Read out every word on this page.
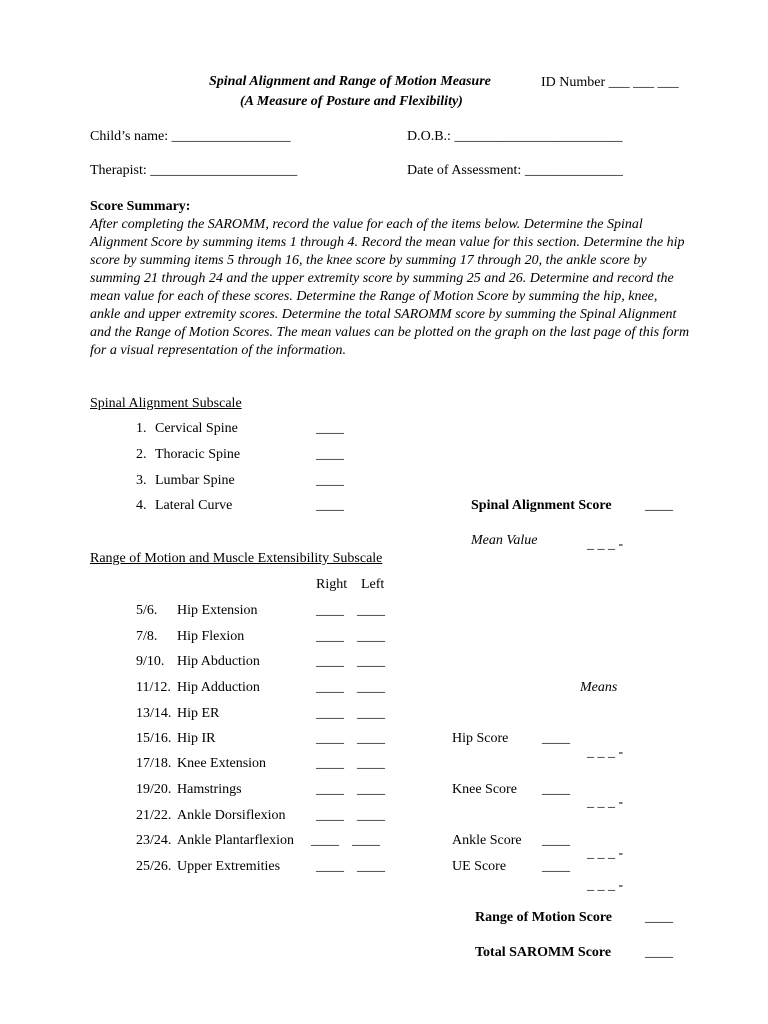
Spinal Alignment and Range of Motion Measure
(A Measure of Posture and Flexibility)
ID Number ___ ___ ___
Child’s name: _________________	D.O.B.: ________________________
Therapist: _____________________	Date of Assessment: ______________
Score Summary:
After completing the SAROMM, record the value for each of the items below. Determine the Spinal Alignment Score by summing items 1 through 4. Record the mean value for this section. Determine the hip score by summing items 5 through 16, the knee score by summing 17 through 20, the ankle score by summing 21 through 24 and the upper extremity score by summing 25 and 26. Determine and record the mean value for each of these scores. Determine the Range of Motion Score by summing the hip, knee, ankle and upper extremity scores. Determine the total SAROMM score by summing the Spinal Alignment and the Range of Motion Scores. The mean values can be plotted on the graph on the last page of this form for a visual representation of the information.
Spinal Alignment Subscale
1. Cervical Spine	____
2. Thoracic Spine	____
3. Lumbar Spine	____
4. Lateral Curve	____	Spinal Alignment Score ____
Mean Value	_ _ _ -
Range of Motion and Muscle Extensibility Subscale
Right Left
5/6. Hip Extension	____ ____
7/8. Hip Flexion	____ ____
9/10. Hip Abduction	____ ____
11/12. Hip Adduction	____ ____
13/14. Hip ER	____ ____
15/16. Hip IR	____ ____
17/18. Knee Extension	____ ____
19/20. Hamstrings	____ ____
21/22. Ankle Dorsiflexion ____ ____
23/24. Ankle Plantarflexion ____ ____
25/26. Upper Extremities	____ ____
Means
Hip Score ____
_ _ _ -
Knee Score ____
_ _ _ -
Ankle Score ____
_ _ _ -
UE Score	____
_ _ _ -
Range of Motion Score ____
Total SAROMM Score ____
